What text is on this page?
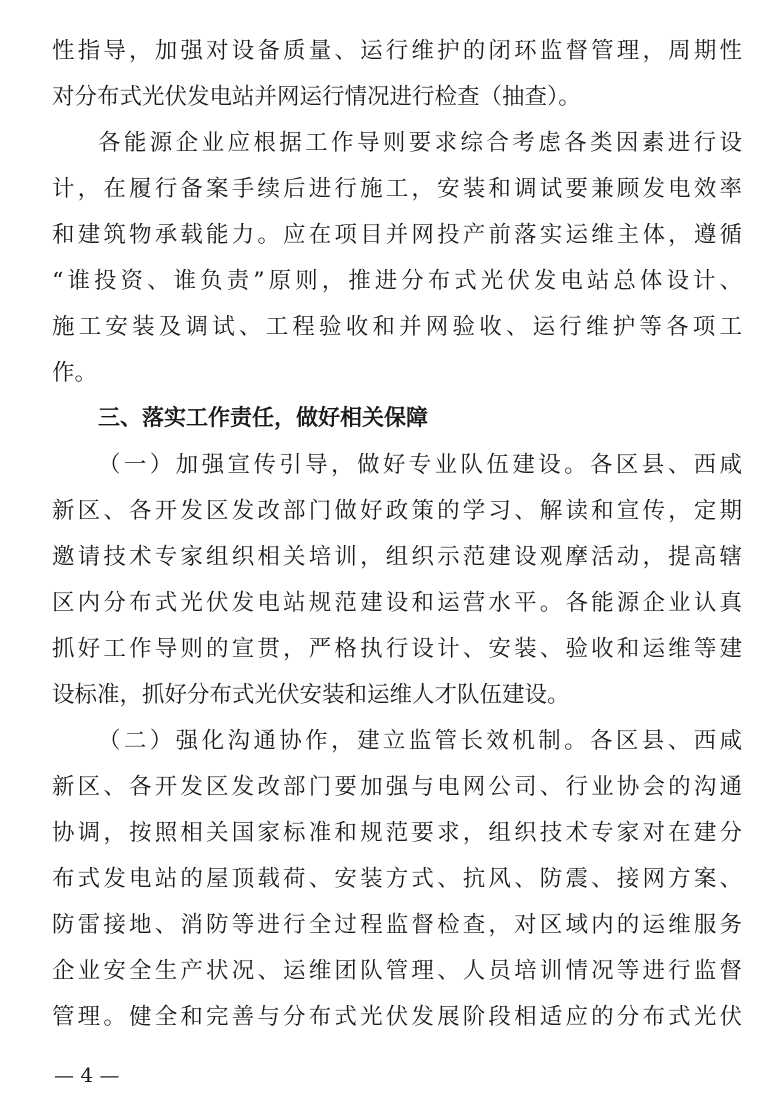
性指导，加强对设备质量、运行维护的闭环监督管理，周期性
对分布式光伏发电站并网运行情况进行检查（抽查）。
各能源企业应根据工作导则要求综合考虑各类因素进行设
计，在履行备案手续后进行施工，安装和调试要兼顾发电效率
和建筑物承载能力。应在项目并网投产前落实运维主体，遵循
“谁投资、谁负责”原则，推进分布式光伏发电站总体设计、
施工安装及调试、工程验收和并网验收、运行维护等各项工
作。
三、落实工作责任，做好相关保障
（一）加强宣传引导，做好专业队伍建设。各区县、西咸
新区、各开发区发改部门做好政策的学习、解读和宣传，定期
邀请技术专家组织相关培训，组织示范建设观摩活动，提高辖
区内分布式光伏发电站规范建设和运营水平。各能源企业认真
抓好工作导则的宣贯，严格执行设计、安装、验收和运维等建
设标准，抓好分布式光伏安装和运维人才队伍建设。
（二）强化沟通协作，建立监管长效机制。各区县、西咸
新区、各开发区发改部门要加强与电网公司、行业协会的沟通
协调，按照相关国家标准和规范要求，组织技术专家对在建分
布式发电站的屋顶载荷、安装方式、抗风、防震、接网方案、
防雷接地、消防等进行全过程监督检查，对区域内的运维服务
企业安全生产状况、运维团队管理、人员培训情况等进行监督
管理。健全和完善与分布式光伏发展阶段相适应的分布式光伏
— 4 —
